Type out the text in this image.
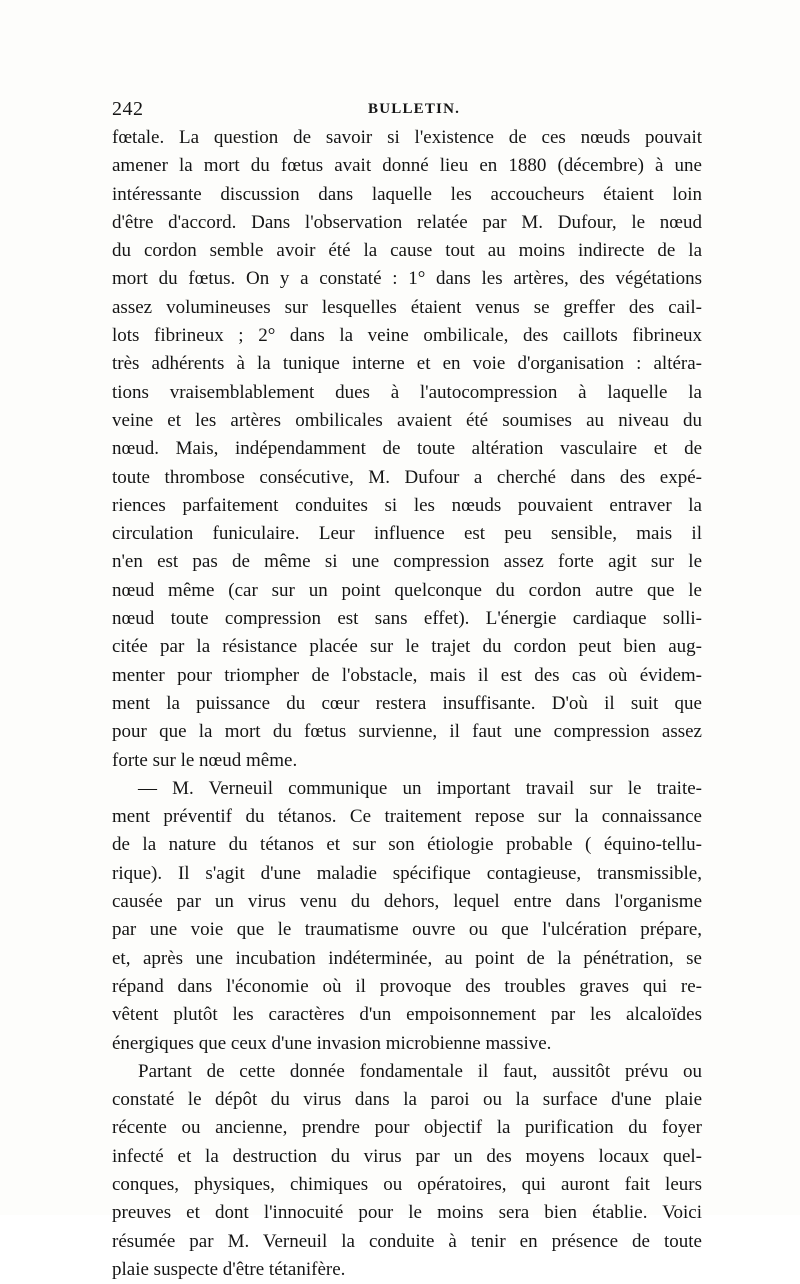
242	BULLETIN.
fœtale. La question de savoir si l'existence de ces nœuds pouvait
amener la mort du fœtus avait donné lieu en 1880 (décembre) à une
intéressante discussion dans laquelle les accoucheurs étaient loin
d'être d'accord. Dans l'observation relatée par M. Dufour, le nœud
du cordon semble avoir été la cause tout au moins indirecte de la
mort du fœtus. On y a constaté : 1° dans les artères, des végétations
assez volumineuses sur lesquelles étaient venus se greffer des cail-
lots fibrineux ; 2° dans la veine ombilicale, des caillots fibrineux
très adhérents à la tunique interne et en voie d'organisation : altéra-
tions vraisemblablement dues à l'autocompression à laquelle la
veine et les artères ombilicales avaient été soumises au niveau du
nœud. Mais, indépendamment de toute altération vasculaire et de
toute thrombose consécutive, M. Dufour a cherché dans des expé-
riences parfaitement conduites si les nœuds pouvaient entraver la
circulation funiculaire. Leur influence est peu sensible, mais il
n'en est pas de même si une compression assez forte agit sur le
nœud même (car sur un point quelconque du cordon autre que le
nœud toute compression est sans effet). L'énergie cardiaque solli-
citée par la résistance placée sur le trajet du cordon peut bien aug-
menter pour triompher de l'obstacle, mais il est des cas où évidem-
ment la puissance du cœur restera insuffisante. D'où il suit que
pour que la mort du fœtus survienne, il faut une compression assez
forte sur le nœud même.
— M. Verneuil communique un important travail sur le traite-
ment préventif du tétanos. Ce traitement repose sur la connaissance
de la nature du tétanos et sur son étiologie probable ( équino-tellu-
rique). Il s'agit d'une maladie spécifique contagieuse, transmissible,
causée par un virus venu du dehors, lequel entre dans l'organisme
par une voie que le traumatisme ouvre ou que l'ulcération prépare,
et, après une incubation indéterminée, au point de la pénétration, se
répand dans l'économie où il provoque des troubles graves qui re-
vêtent plutôt les caractères d'un empoisonnement par les alcaloïdes
énergiques que ceux d'une invasion microbienne massive.
Partant de cette donnée fondamentale il faut, aussitôt prévu ou
constaté le dépôt du virus dans la paroi ou la surface d'une plaie
récente ou ancienne, prendre pour objectif la purification du foyer
infecté et la destruction du virus par un des moyens locaux quel-
conques, physiques, chimiques ou opératoires, qui auront fait leurs
preuves et dont l'innocuité pour le moins sera bien établie. Voici
résumée par M. Verneuil la conduite à tenir en présence de toute
plaie suspecte d'être tétanifère.
